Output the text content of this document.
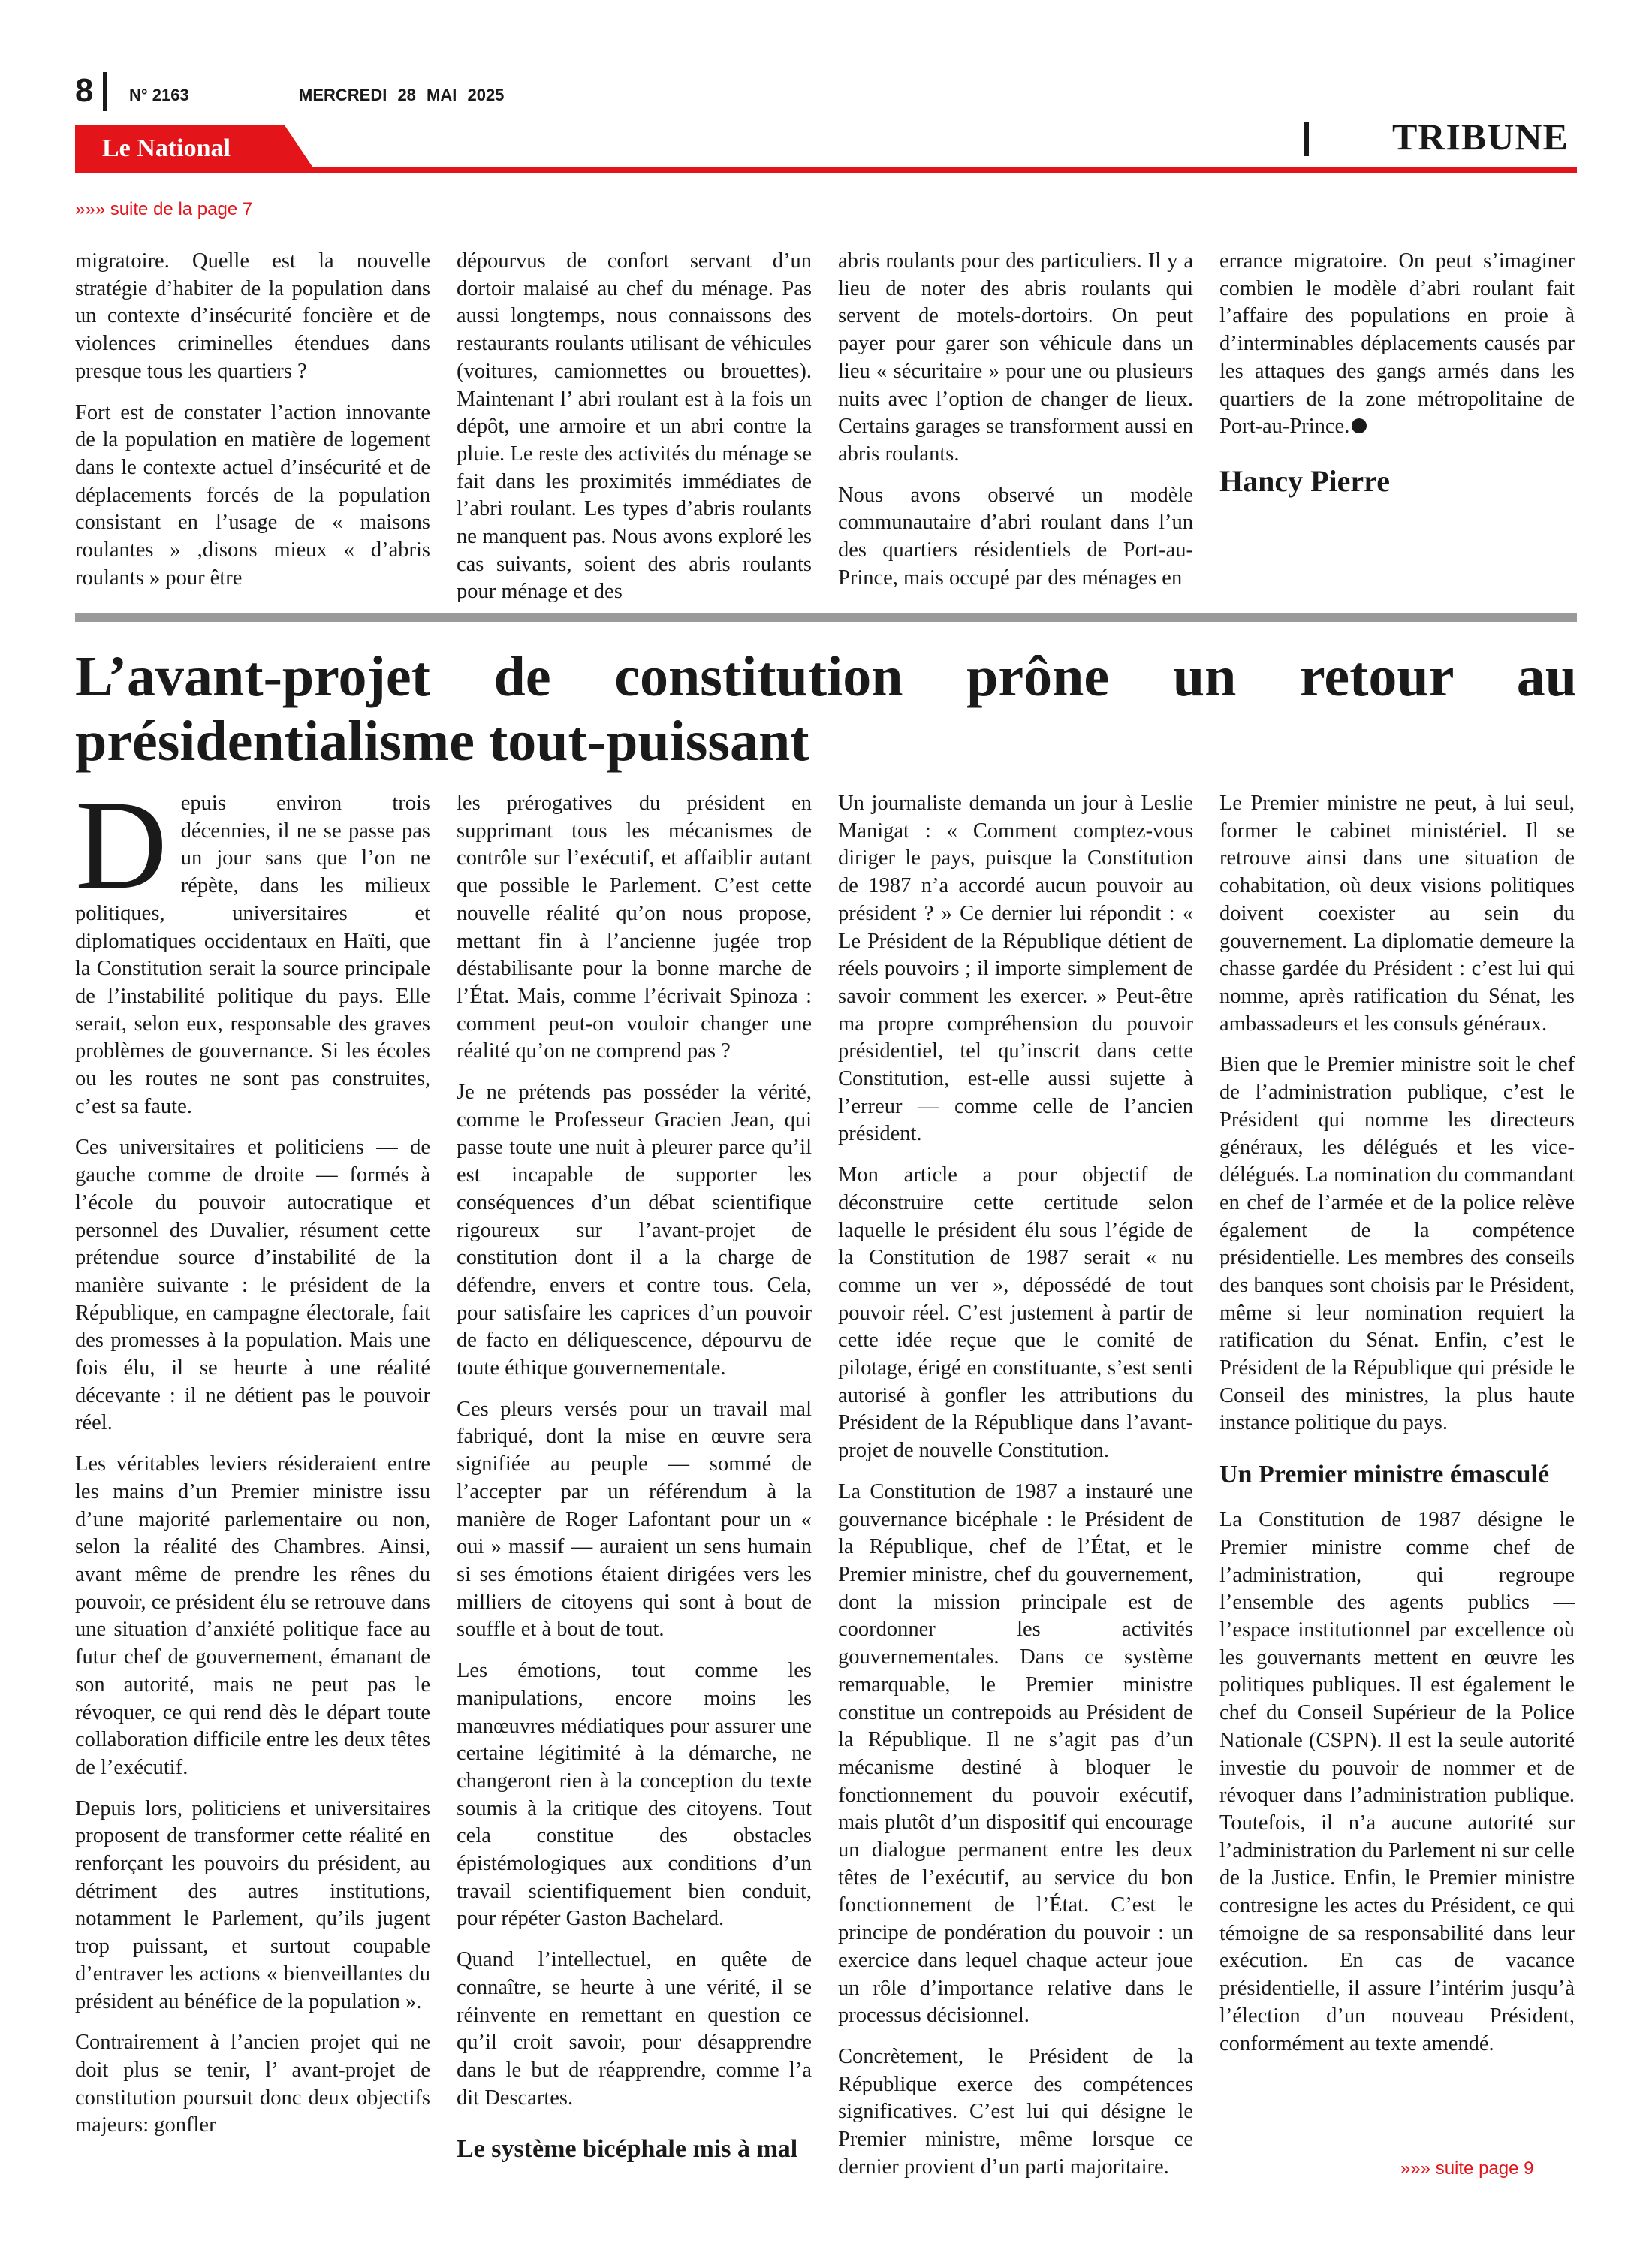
8 N° 2163	MERCREDI 28 MAI 2025
Le National	TRIBUNE
»»» suite de la page 7

migratoire. Quelle est la nouvelle stratégie d’habiter de la population dans un contexte d’insécurité foncière et de violences criminelles étendues dans presque tous les quartiers ?

Fort est de constater l’action innovante de la population en matière de logement dans le contexte actuel d’insécurité et de déplacements forcés de la population consistant en l’usage de « maisons roulantes » ,disons mieux « d’abris roulants » pour être

dépourvus de confort servant d’un dortoir malaisé au chef du ménage. Pas aussi longtemps, nous connaissons des restaurants roulants utilisant de véhicules (voitures, camionnettes ou brouettes). Maintenant l’ abri roulant est à la fois un dépôt, une armoire et un abri contre la pluie. Le reste des activités du ménage se fait dans les proximités immédiates de l’abri roulant. Les types d’abris roulants ne manquent pas. Nous avons exploré les cas suivants, soient des abris roulants pour ménage et des

abris roulants pour des particuliers. Il y a lieu de noter des abris roulants qui servent de motels-dortoirs. On peut payer pour garer son véhicule dans un lieu « sécuritaire » pour une ou plusieurs nuits avec l’option de changer de lieux. Certains garages se transforment aussi en abris roulants.

Nous avons observé un modèle communautaire d’abri roulant dans l’un des quartiers résidentiels de Port-au-Prince, mais occupé par des ménages en

errance migratoire. On peut s’imaginer combien le modèle d’abri roulant fait l’affaire des populations en proie à d’interminables déplacements causés par les attaques des gangs armés dans les quartiers de la zone métropolitaine de Port-au-Prince.

Hancy Pierre
L’avant-projet de constitution prône un retour au présidentialisme tout-puissant

Depuis environ trois décennies, il ne se passe pas un jour sans que l’on ne répète, dans les milieux politiques, universitaires et diplomatiques occidentaux en Haïti, que la Constitution serait la source principale de l’instabilité politique du pays. Elle serait, selon eux, responsable des graves problèmes de gouvernance. Si les écoles ou les routes ne sont pas construites, c’est sa faute.

Ces universitaires et politiciens — de gauche comme de droite — formés à l’école du pouvoir autocratique et personnel des Duvalier, résument cette prétendue source d’instabilité de la manière suivante : le président de la République, en campagne électorale, fait des promesses à la population. Mais une fois élu, il se heurte à une réalité décevante : il ne détient pas le pouvoir réel.

Les véritables leviers résideraient entre les mains d’un Premier ministre issu d’une majorité parlementaire ou non, selon la réalité des Chambres. Ainsi, avant même de prendre les rênes du pouvoir, ce président élu se retrouve dans une situation d’anxiété politique face au futur chef de gouvernement, émanant de son autorité, mais ne peut pas le révoquer, ce qui rend dès le départ toute collaboration difficile entre les deux têtes de l’exécutif.

Depuis lors, politiciens et universitaires proposent de transformer cette réalité en renforçant les pouvoirs du président, au détriment des autres institutions, notamment le Parlement, qu’ils jugent trop puissant, et surtout coupable d’entraver les actions « bienveillantes du président au bénéfice de la population ».

Contrairement à l’ancien projet qui ne doit plus se tenir, l’ avant-projet de constitution poursuit donc deux objectifs majeurs: gonfler

les prérogatives du président en supprimant tous les mécanismes de contrôle sur l’exécutif, et affaiblir autant que possible le Parlement. C’est cette nouvelle réalité qu’on nous propose, mettant fin à l’ancienne jugée trop déstabilisante pour la bonne marche de l’État. Mais, comme l’écrivait Spinoza : comment peut-on vouloir changer une réalité qu’on ne comprend pas ?

Je ne prétends pas posséder la vérité, comme le Professeur Gracien Jean, qui passe toute une nuit à pleurer parce qu’il est incapable de supporter les conséquences d’un débat scientifique rigoureux sur l’avant-projet de constitution dont il a la charge de défendre, envers et contre tous. Cela, pour satisfaire les caprices d’un pouvoir de facto en déliquescence, dépourvu de toute éthique gouvernementale.

Ces pleurs versés pour un travail mal fabriqué, dont la mise en œuvre sera signifiée au peuple — sommé de l’accepter par un référendum à la manière de Roger Lafontant pour un « oui » massif — auraient un sens humain si ses émotions étaient dirigées vers les milliers de citoyens qui sont à bout de souffle et à bout de tout.

Les émotions, tout comme les manipulations, encore moins les manœuvres médiatiques pour assurer une certaine légitimité à la démarche, ne changeront rien à la conception du texte soumis à la critique des citoyens. Tout cela constitue des obstacles épistémologiques aux conditions d’un travail scientifiquement bien conduit, pour répéter Gaston Bachelard.

Quand l’intellectuel, en quête de connaître, se heurte à une vérité, il se réinvente en remettant en question ce qu’il croit savoir, pour désapprendre dans le but de réapprendre, comme l’a dit Descartes.

Le système bicéphale mis à mal

Un journaliste demanda un jour à Leslie Manigat : « Comment comptez-vous diriger le pays, puisque la Constitution de 1987 n’a accordé aucun pouvoir au président ? » Ce dernier lui répondit : « Le Président de la République détient de réels pouvoirs ; il importe simplement de savoir comment les exercer. » Peut-être ma propre compréhension du pouvoir présidentiel, tel qu’inscrit dans cette Constitution, est-elle aussi sujette à l’erreur — comme celle de l’ancien président.

Mon article a pour objectif de déconstruire cette certitude selon laquelle le président élu sous l’égide de la Constitution de 1987 serait « nu comme un ver », dépossédé de tout pouvoir réel. C’est justement à partir de cette idée reçue que le comité de pilotage, érigé en constituante, s’est senti autorisé à gonfler les attributions du Président de la République dans l’avant-projet de nouvelle Constitution.

La Constitution de 1987 a instauré une gouvernance bicéphale : le Président de la République, chef de l’État, et le Premier ministre, chef du gouvernement, dont la mission principale est de coordonner les activités gouvernementales. Dans ce système remarquable, le Premier ministre constitue un contrepoids au Président de la République. Il ne s’agit pas d’un mécanisme destiné à bloquer le fonctionnement du pouvoir exécutif, mais plutôt d’un dispositif qui encourage un dialogue permanent entre les deux têtes de l’exécutif, au service du bon fonctionnement de l’État. C’est le principe de pondération du pouvoir : un exercice dans lequel chaque acteur joue un rôle d’importance relative dans le processus décisionnel.

Concrètement, le Président de la République exerce des compétences significatives. C’est lui qui désigne le Premier ministre, même lorsque ce dernier provient d’un parti majoritaire.

Le Premier ministre ne peut, à lui seul, former le cabinet ministériel. Il se retrouve ainsi dans une situation de cohabitation, où deux visions politiques doivent coexister au sein du gouvernement. La diplomatie demeure la chasse gardée du Président : c’est lui qui nomme, après ratification du Sénat, les ambassadeurs et les consuls généraux.

Bien que le Premier ministre soit le chef de l’administration publique, c’est le Président qui nomme les directeurs généraux, les délégués et les vice-délégués. La nomination du commandant en chef de l’armée et de la police relève également de la compétence présidentielle. Les membres des conseils des banques sont choisis par le Président, même si leur nomination requiert la ratification du Sénat. Enfin, c’est le Président de la République qui préside le Conseil des ministres, la plus haute instance politique du pays.

Un Premier ministre émasculé

La Constitution de 1987 désigne le Premier ministre comme chef de l’administration, qui regroupe l’ensemble des agents publics — l’espace institutionnel par excellence où les gouvernants mettent en œuvre les politiques publiques. Il est également le chef du Conseil Supérieur de la Police Nationale (CSPN). Il est la seule autorité investie du pouvoir de nommer et de révoquer dans l’administration publique. Toutefois, il n’a aucune autorité sur l’administration du Parlement ni sur celle de la Justice. Enfin, le Premier ministre contresigne les actes du Président, ce qui témoigne de sa responsabilité dans leur exécution. En cas de vacance présidentielle, il assure l’intérim jusqu’à l’élection d’un nouveau Président, conformément au texte amendé.

»»» suite page 9
